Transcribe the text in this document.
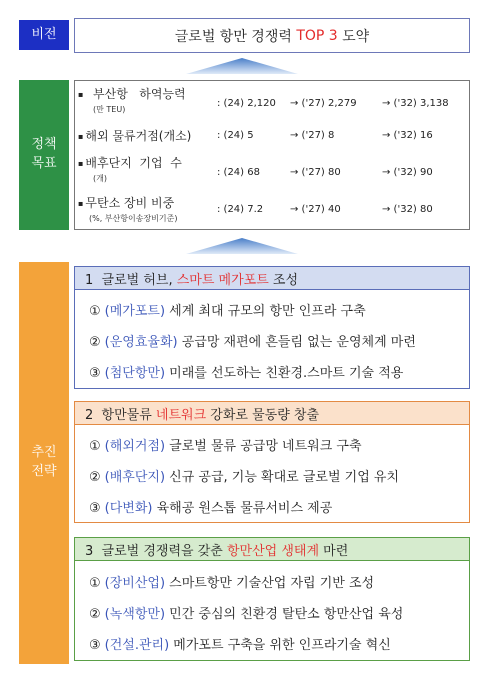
비전
정책
목표
추진
전략
글로벌 항만 경쟁력 TOP 3 도약
▪  부산항   하역능력
(만 TEU)
: (24) 2,120 → ('27) 2,279	→ ('32) 3,138
▪ 해외 물류거점(개소)	: (24) 5	→ ('27) 8	→ ('32) 16
▪ 배후단지  기업  수
(개)
: (24) 68	→ ('27) 80	→ ('32) 90
▪ 무탄소 장비 비중
(%, 부산항이송장비기준)
: (24) 7.2	→ ('27) 40	→ ('32) 80
1  글로벌 허브, 스마트 메가포트 조성
① (메가포트) 세계 최대 규모의 항만 인프라 구축
② (운영효율화) 공급망 재편에 흔들림 없는 운영체계 마련
③ (첨단항만) 미래를 선도하는 친환경.스마트 기술 적용
2  항만물류 네트워크 강화로 물동량 창출
① (해외거점) 글로벌 물류 공급망 네트워크 구축
② (배후단지) 신규 공급, 기능 확대로 글로벌 기업 유치
③ (다변화) 육해공 원스톱 물류서비스 제공
3  글로벌 경쟁력을 갖춘 항만산업 생태계 마련
① (장비산업) 스마트항만 기술산업 자립 기반 조성
② (녹색항만) 민간 중심의 친환경 탈탄소 항만산업 육성
③ (건설.관리) 메가포트 구축을 위한 인프라기술 혁신
